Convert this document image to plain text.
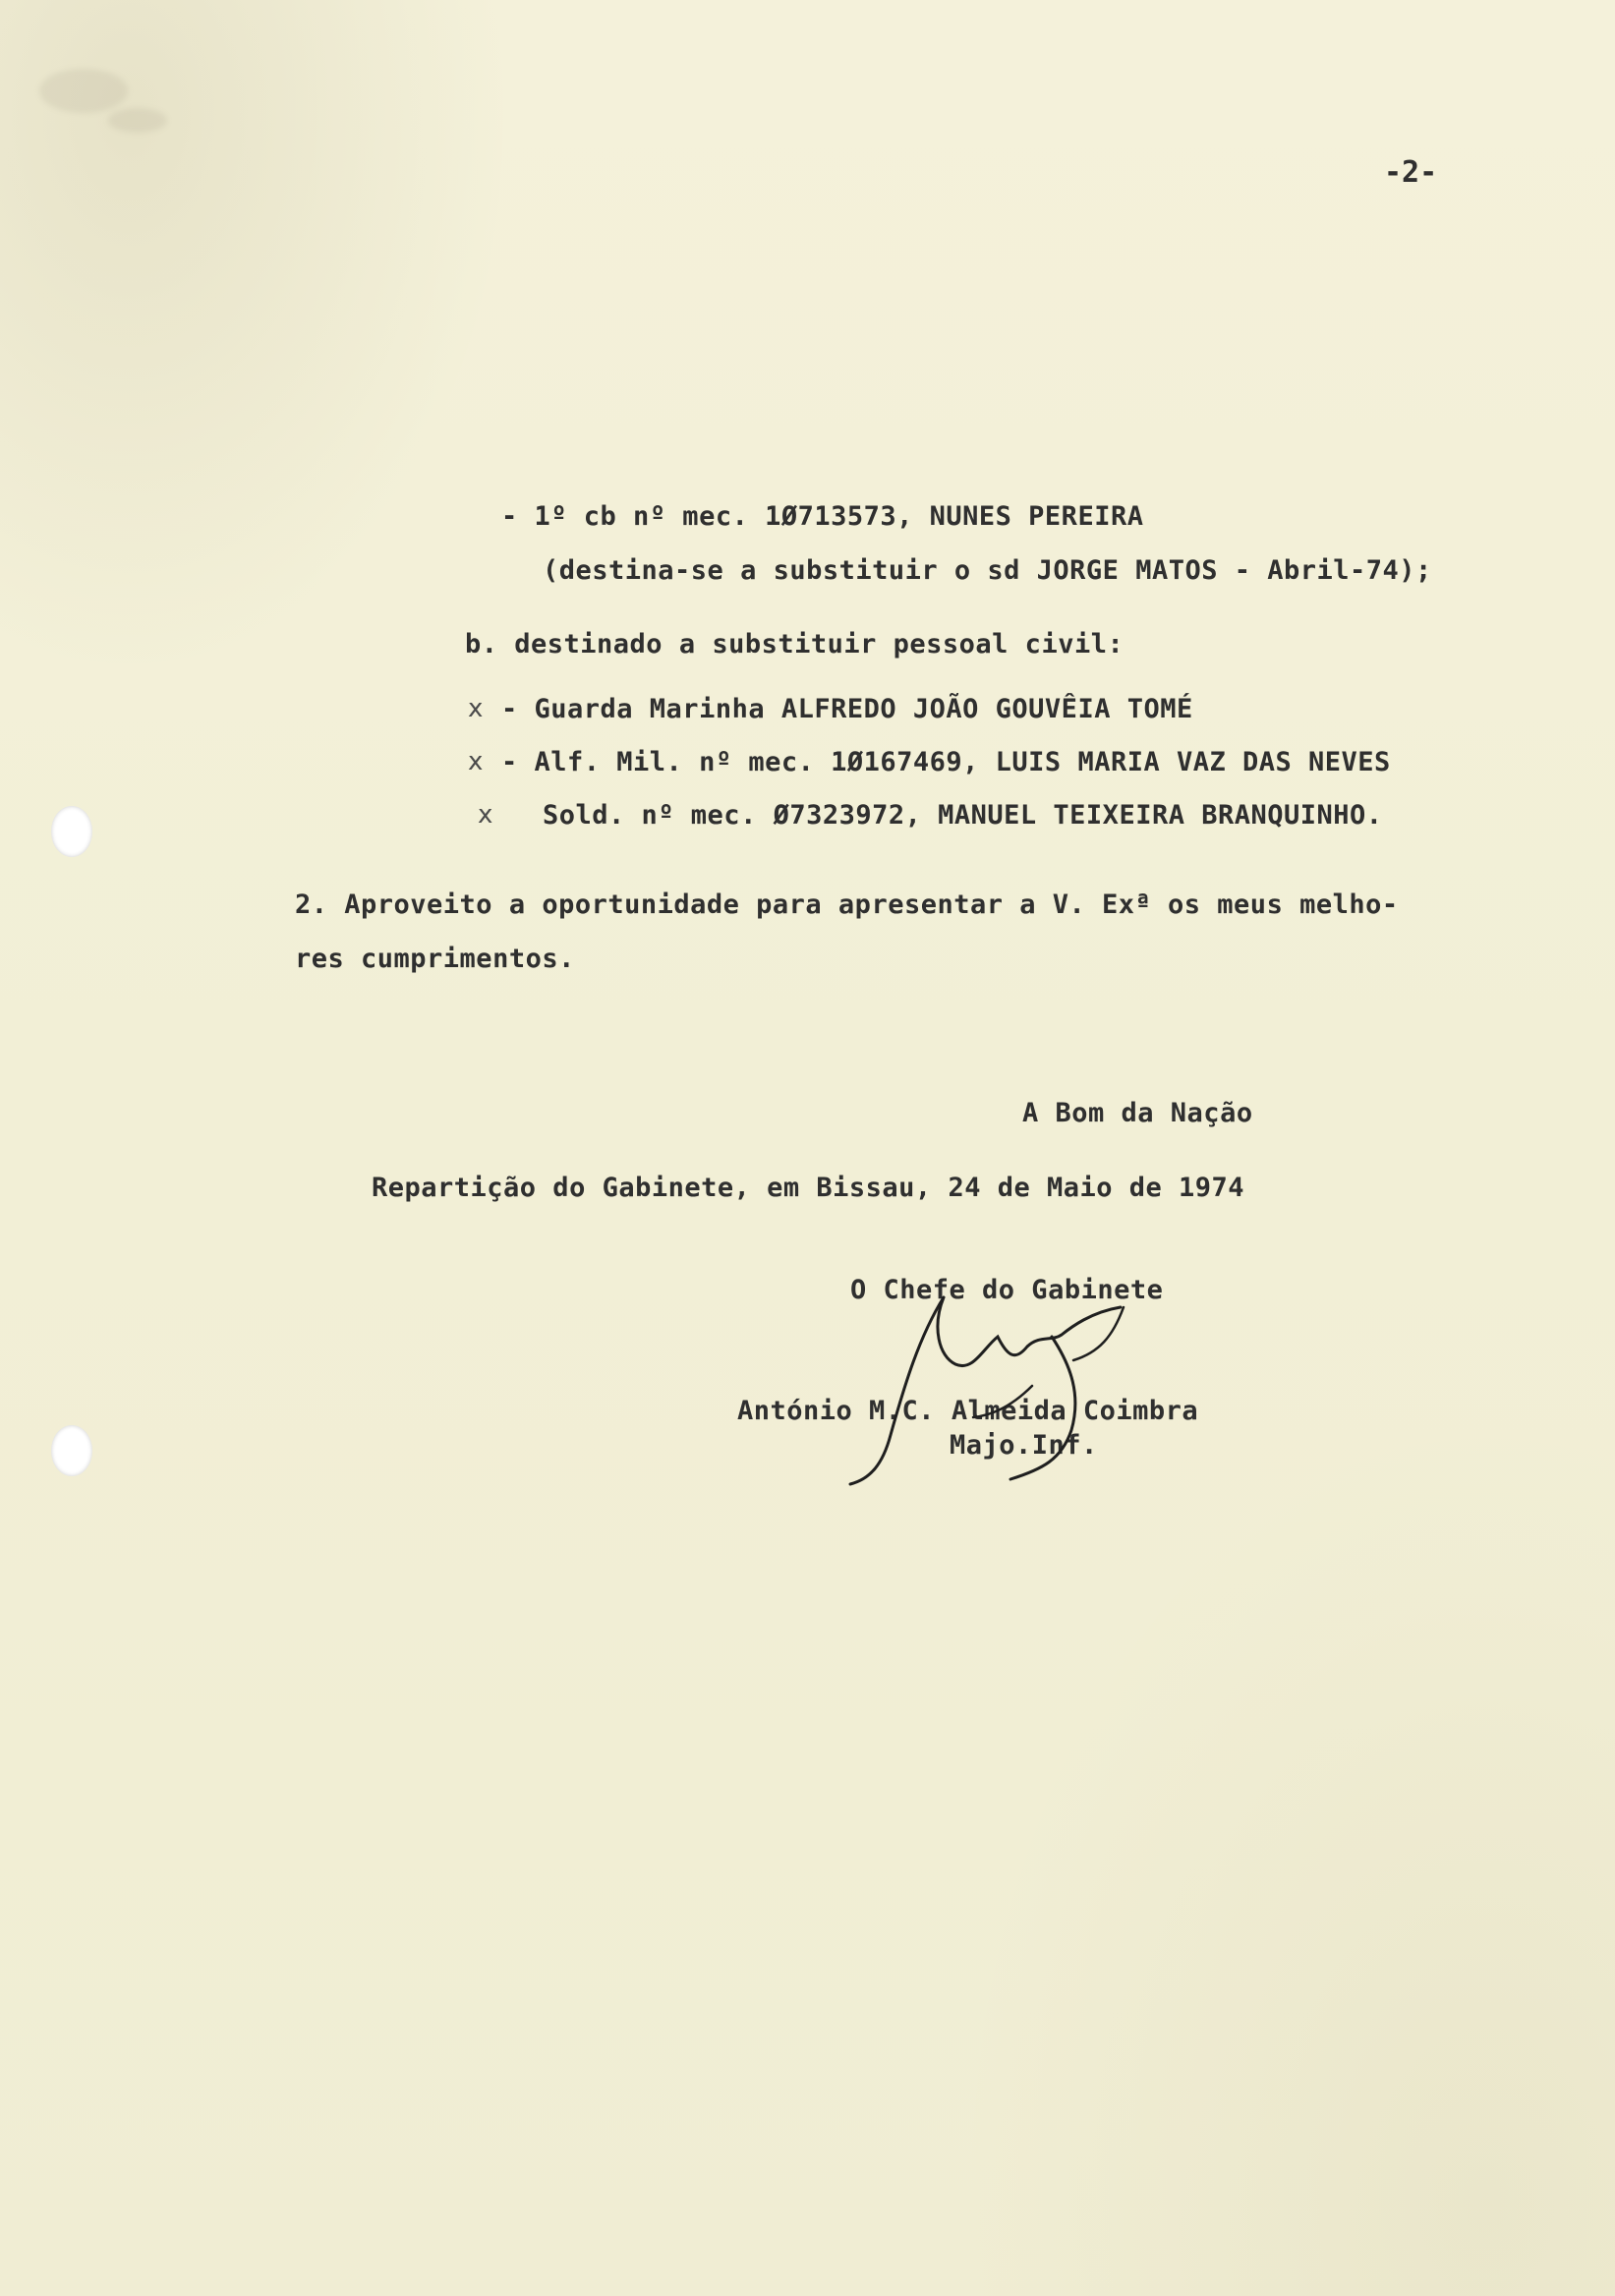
-2-
- 1º cb nº mec. 1Ø713573, NUNES PEREIRA
(destina-se a substituir o sd JORGE MATOS - Abril-74);
b. destinado a substituir pessoal civil:
x - Guarda Marinha ALFREDO JOÃO GOUVÊIA TOMÉ
x - Alf. Mil. nº mec. 1Ø167469, LUIS MARIA VAZ DAS NEVES
x Sold. nº mec. Ø7323972, MANUEL TEIXEIRA BRANQUINHO.
2. Aproveito a oportunidade para apresentar a V. Exª os meus melho-
res cumprimentos.
A Bom da Nação
Repartição do Gabinete, em Bissau, 24 de Maio de 1974
O Chefe do Gabinete
António M.C. Almeida Coimbra
Majo.Inf.
